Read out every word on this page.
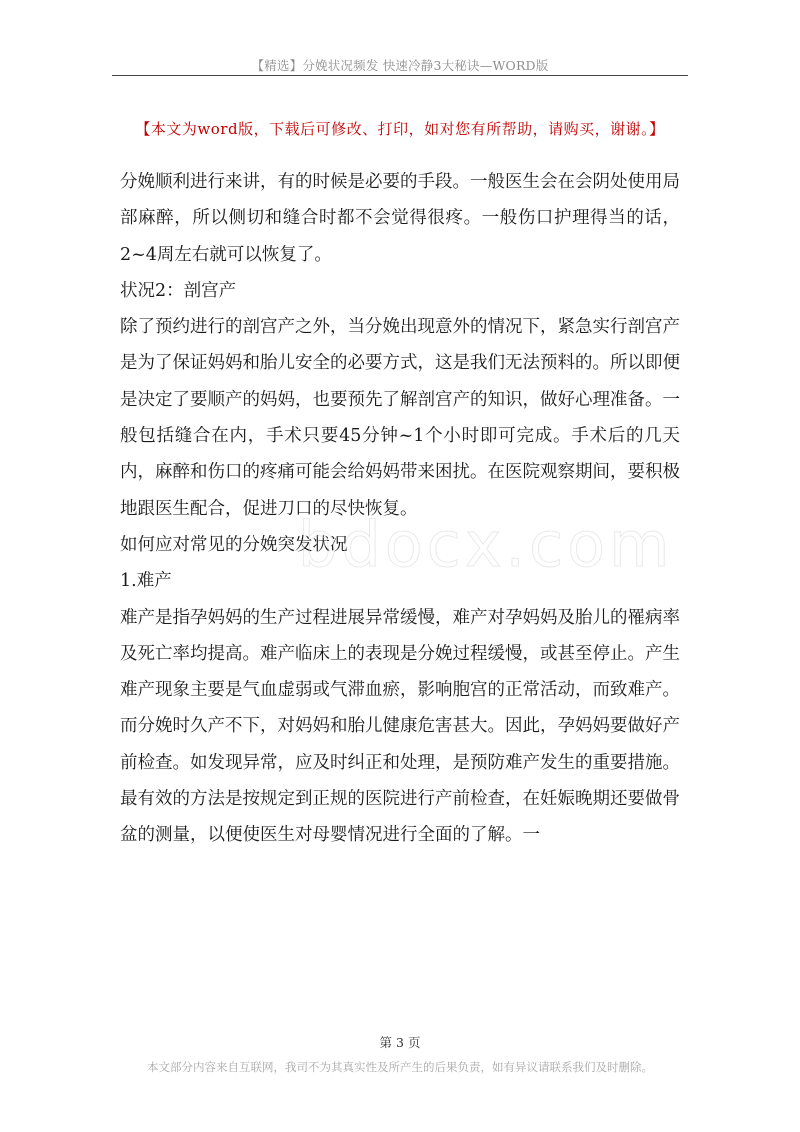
【精选】分娩状况频发 快速冷静3大秘诀—WORD版
【本文为word版，下载后可修改、打印，如对您有所帮助，请购买，谢谢。】

分娩顺利进行来讲，有的时候是必要的手段。一般医生会在会阴处使用局部麻醉，所以侧切和缝合时都不会觉得很疼。一般伤口护理得当的话，2~4周左右就可以恢复了。

状况2：剖宫产

除了预约进行的剖宫产之外，当分娩出现意外的情况下，紧急实行剖宫产是为了保证妈妈和胎儿安全的必要方式，这是我们无法预料的。所以即便是决定了要顺产的妈妈，也要预先了解剖宫产的知识，做好心理准备。一般包括缝合在内，手术只要45分钟~1个小时即可完成。手术后的几天内，麻醉和伤口的疼痛可能会给妈妈带来困扰。在医院观察期间，要积极地跟医生配合，促进刀口的尽快恢复。

如何应对常见的分娩突发状况

1.难产

难产是指孕妈妈的生产过程进展异常缓慢，难产对孕妈妈及胎儿的罹病率及死亡率均提高。难产临床上的表现是分娩过程缓慢，或甚至停止。产生难产现象主要是气血虚弱或气滞血瘀，影响胞宫的正常活动，而致难产。

而分娩时久产不下，对妈妈和胎儿健康危害甚大。因此，孕妈妈要做好产前检查。如发现异常，应及时纠正和处理，是预防难产发生的重要措施。最有效的方法是按规定到正规的医院进行产前检查，在妊娠晚期还要做骨盆的测量，以便使医生对母婴情况进行全面的了解。一

bdocx.com
第 3 页
本文部分内容来自互联网，我司不为其真实性及所产生的后果负责，如有异议请联系我们及时删除。
